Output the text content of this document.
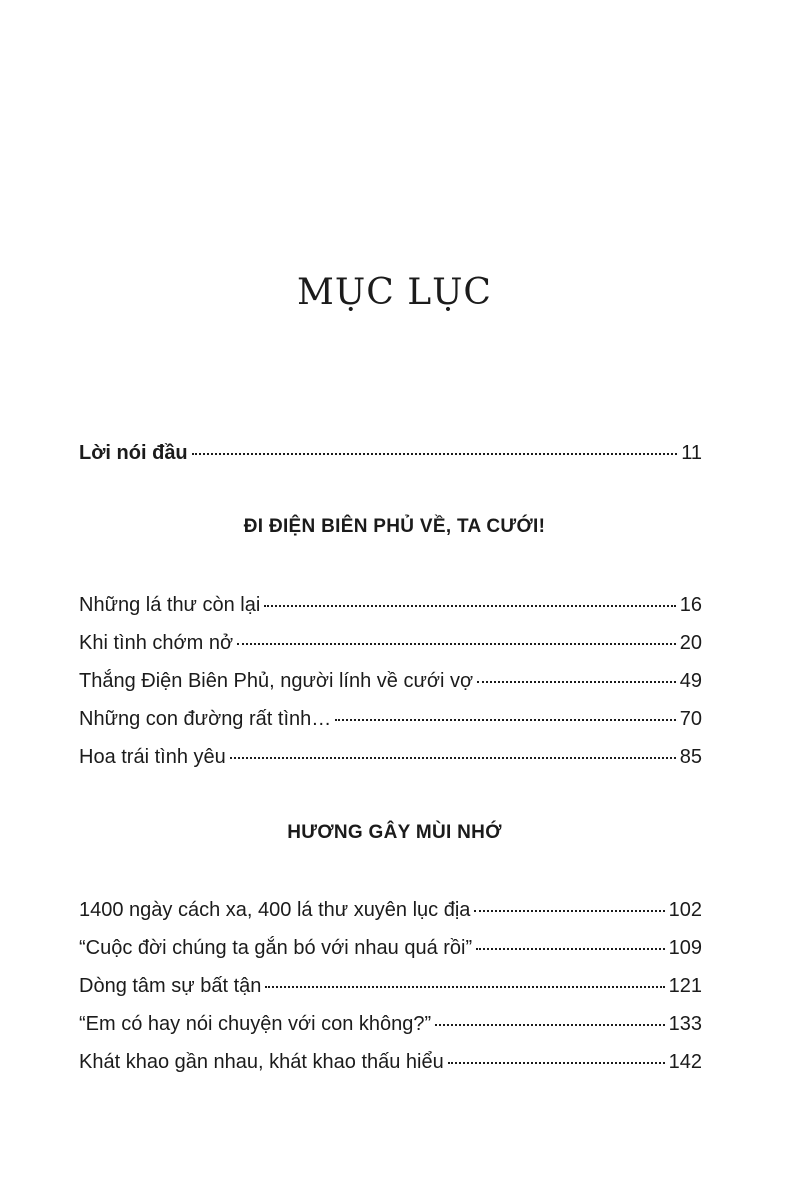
MỤC LỤC
Lời nói đầu	11
ĐI ĐIỆN BIÊN PHỦ VỀ, TA CƯỚI!
Những lá thư còn lại	16
Khi tình chớm nở	20
Thắng Điện Biên Phủ, người lính về cưới vợ	49
Những con đường rất tình…	70
Hoa trái tình yêu	85
HƯƠNG GÂY MÙI NHỚ
1400 ngày cách xa, 400 lá thư xuyên lục địa	102
“Cuộc đời chúng ta gắn bó với nhau quá rồi”	109
Dòng tâm sự bất tận	121
“Em có hay nói chuyện với con không?”	133
Khát khao gần nhau, khát khao thấu hiểu	142
